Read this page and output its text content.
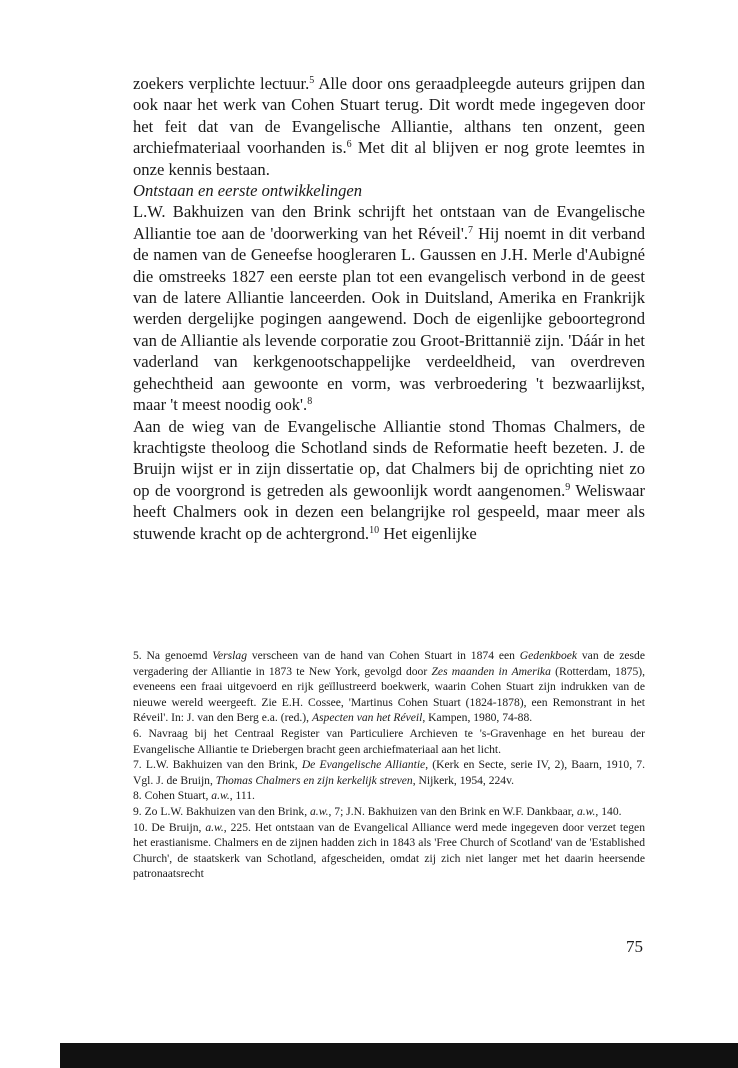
zoekers verplichte lectuur.$^5$ Alle door ons geraadpleegde auteurs grijpen dan ook naar het werk van Cohen Stuart terug. Dit wordt mede ingegeven door het feit dat van de Evangelische Alliantie, althans ten onzent, geen archiefmateriaal voorhanden is.$^6$ Met dit al blijven er nog grote leemtes in onze kennis bestaan.

Ontstaan en eerste ontwikkelingen

L.W. Bakhuizen van den Brink schrijft het ontstaan van de Evangelische Alliantie toe aan de 'doorwerking van het Réveil'.$^7$ Hij noemt in dit verband de namen van de Geneefse hoogleraren L. Gaussen en J.H. Merle d'Aubigné die omstreeks 1827 een eerste plan tot een evangelisch verbond in de geest van de latere Alliantie lanceerden. Ook in Duitsland, Amerika en Frankrijk werden dergelijke pogingen aangewend. Doch de eigenlijke geboortegrond van de Alliantie als levende corporatie zou Groot-Brittannië zijn. 'Dáár in het vaderland van kerkgenootschappelijke verdeeldheid, van overdreven gehechtheid aan gewoonte en vorm, was verbroedering 't bezwaarlijkst, maar 't meest noodig ook'.$^8$

Aan de wieg van de Evangelische Alliantie stond Thomas Chalmers, de krachtigste theoloog die Schotland sinds de Reformatie heeft bezeten. J. de Bruijn wijst er in zijn dissertatie op, dat Chalmers bij de oprichting niet zo op de voorgrond is getreden als gewoonlijk wordt aangenomen.$^9$ Weliswaar heeft Chalmers ook in dezen een belangrijke rol gespeeld, maar meer als stuwende kracht op de achtergrond.$^{10}$ Het eigenlijke

5. Na genoemd Verslag verscheen van de hand van Cohen Stuart in 1874 een Gedenkboek van de zesde vergadering der Alliantie in 1873 te New York, gevolgd door Zes maanden in Amerika (Rotterdam, 1875), eveneens een fraai uitgevoerd en rijk geïllustreerd boekwerk, waarin Cohen Stuart zijn indrukken van de nieuwe wereld weergeeft. Zie E.H. Cossee, 'Martinus Cohen Stuart (1824-1878), een Remonstrant in het Réveil'. In: J. van den Berg e.a. (red.), Aspecten van het Réveil, Kampen, 1980, 74-88.

6. Navraag bij het Centraal Register van Particuliere Archieven te 's-Gravenhage en het bureau der Evangelische Alliantie te Driebergen bracht geen archiefmateriaal aan het licht.

7. L.W. Bakhuizen van den Brink, De Evangelische Alliantie, (Kerk en Secte, serie IV, 2), Baarn, 1910, 7. Vgl. J. de Bruijn, Thomas Chalmers en zijn kerkelijk streven, Nijkerk, 1954, 224v.

8. Cohen Stuart, a.w., 111.

9. Zo L.W. Bakhuizen van den Brink, a.w., 7; J.N. Bakhuizen van den Brink en W.F. Dankbaar, a.w., 140.

10. De Bruijn, a.w., 225. Het ontstaan van de Evangelical Alliance werd mede ingegeven door verzet tegen het erastianisme. Chalmers en de zijnen hadden zich in 1843 als 'Free Church of Scotland' van de 'Established Church', de staatskerk van Schotland, afgescheiden, omdat zij zich niet langer met het daarin heersende patronaatsrecht

75
